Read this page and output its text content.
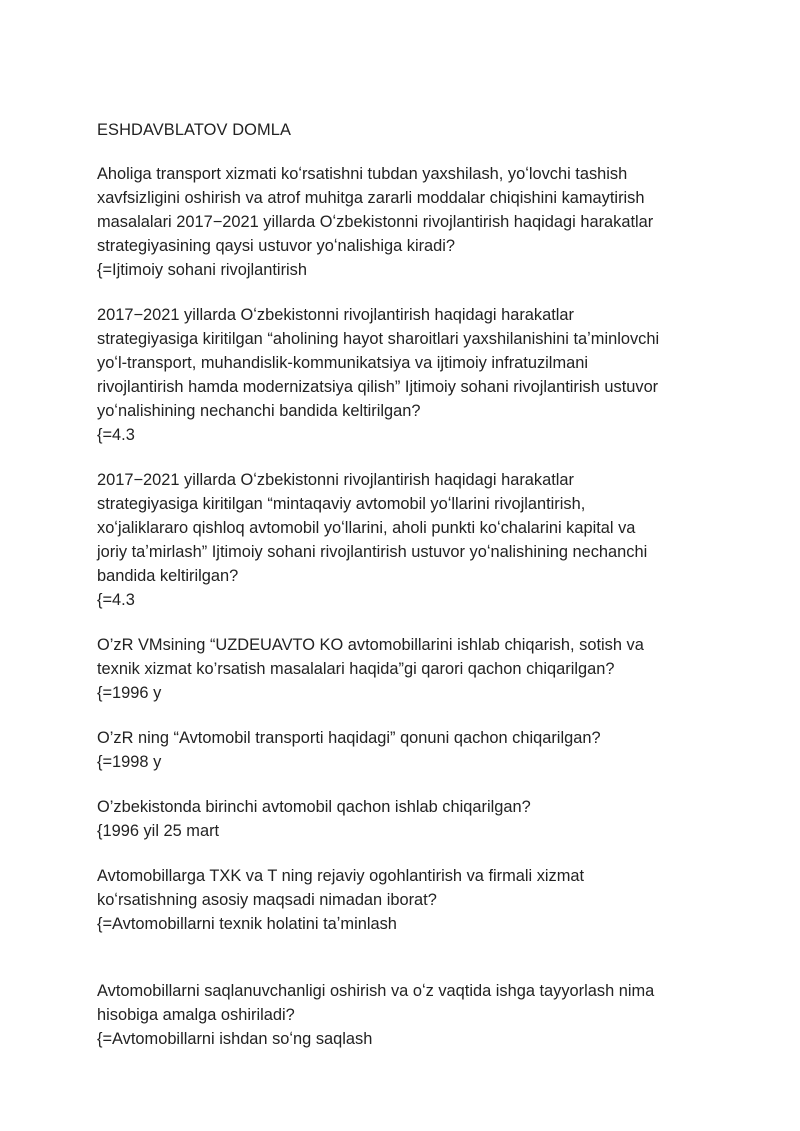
ESHDAVBLATOV DOMLA
Aholiga transport xizmati koʻrsatishni tubdan yaxshilash, yoʻlovchi tashish
xavfsizligini oshirish va atrof muhitga zararli moddalar chiqishini kamaytirish
masalalari 2017−2021 yillarda Oʻzbekistonni rivojlantirish haqidagi harakatlar
strategiyasining qaysi ustuvor yoʻnalishiga kiradi?
{=Ijtimoiy sohani rivojlantirish
2017−2021 yillarda Oʻzbekistonni rivojlantirish haqidagi harakatlar
strategiyasiga kiritilgan “aholining hayot sharoitlari yaxshilanishini taʼminlovchi
yoʻl-transport, muhandislik-kommunikatsiya va ijtimoiy infratuzilmani
rivojlantirish hamda modernizatsiya qilish” Ijtimoiy sohani rivojlantirish ustuvor
yoʻnalishining nechanchi bandida keltirilgan?
{=4.3
2017−2021 yillarda Oʻzbekistonni rivojlantirish haqidagi harakatlar
strategiyasiga kiritilgan “mintaqaviy avtomobil yoʻllarini rivojlantirish,
xoʻjaliklararo qishloq avtomobil yoʻllarini, aholi punkti koʻchalarini kapital va
joriy taʼmirlash” Ijtimoiy sohani rivojlantirish ustuvor yoʻnalishining nechanchi
bandida keltirilgan?
{=4.3
O’zR VMsining “UZDEUAVTO KO avtomobillarini ishlab chiqarish, sotish va
texnik xizmat ko’rsatish masalalari haqida”gi qarori qachon chiqarilgan?
{=1996 y
O’zR ning “Avtomobil transporti haqidagi” qonuni qachon chiqarilgan?
{=1998 y
O’zbekistonda birinchi avtomobil qachon ishlab chiqarilgan?
{1996 yil 25 mart
Avtomobillarga TXK va T ning rejaviy ogohlantirish va firmali xizmat
koʻrsatishning asosiy maqsadi nimadan iborat?
{=Avtomobillarni texnik holatini taʼminlash
Avtomobillarni saqlanuvchanligi oshirish va oʻz vaqtida ishga tayyorlash nima
hisobiga amalga oshiriladi?
{=Avtomobillarni ishdan soʻng saqlash
